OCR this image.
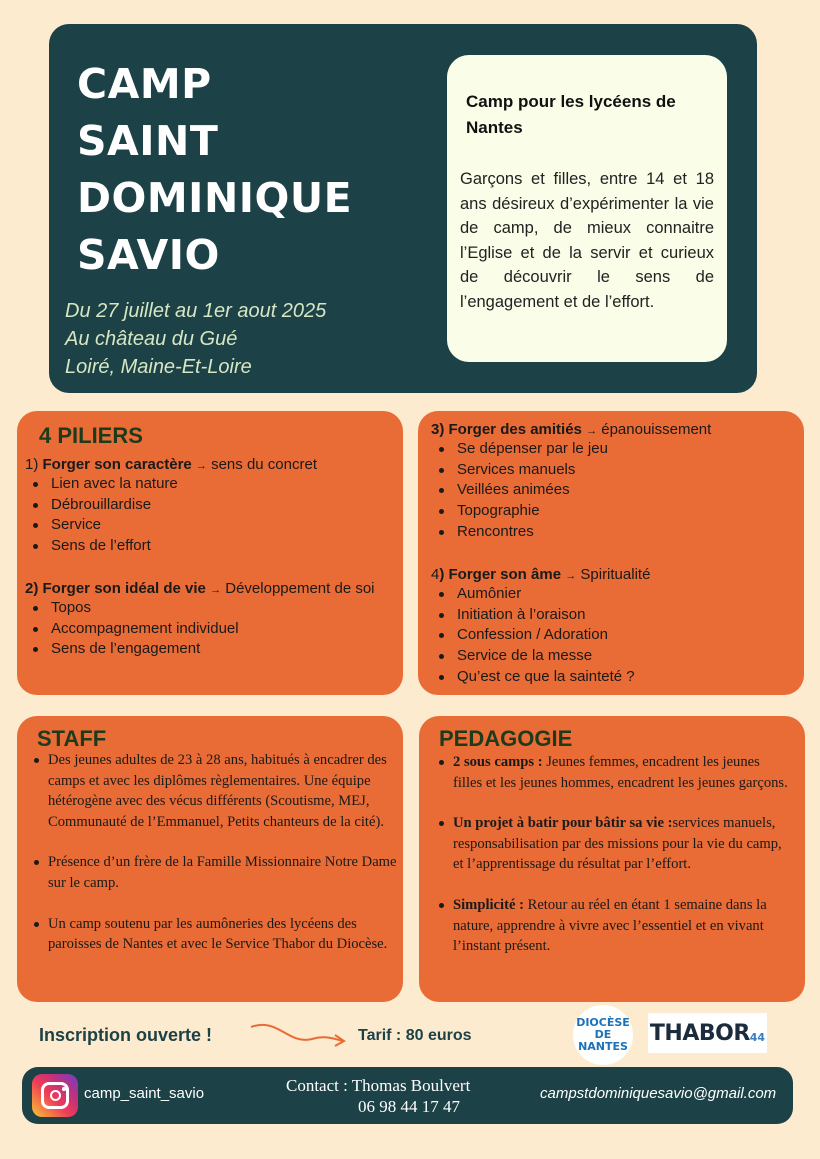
CAMP
SAINT
DOMINIQUE
SAVIO
Du 27 juillet au 1er aout 2025
Au château du Gué
Loiré, Maine-Et-Loire
Camp pour les lycéens de Nantes

Garçons et filles, entre 14 et 18 ans désireux d’expérimenter la vie de camp, de mieux connaitre l’Eglise et de la servir et curieux de découvrir le sens de l’engagement et de l’effort.

4 PILIERS
1) Forger son caractère → sens du concret
Lien avec la nature
Débrouillardise
Service
Sens de l’effort
2) Forger son idéal de vie → Développement de soi
Topos
Accompagnement individuel
Sens de l’engagement
3) Forger des amitiés → épanouissement
Se dépenser par le jeu
Services manuels
Veillées animées
Topographie
Rencontres
4) Forger son âme → Spiritualité
Aumônier
Initiation à l’oraison
Confession / Adoration
Service de la messe
Qu’est ce que la sainteté ?
STAFF
Des jeunes adultes de 23 à 28 ans, habitués à encadrer des camps et avec les diplômes règlementaires. Une équipe hétérogène avec des vécus différents (Scoutisme, MEJ, Communauté de l’Emmanuel, Petits chanteurs de la cité).
Présence d’un frère de la Famille Missionnaire Notre Dame sur le camp.
Un camp soutenu par les aumôneries des lycéens des paroisses de Nantes et avec le Service Thabor du Diocèse.
PEDAGOGIE
2 sous camps : Jeunes femmes, encadrent les jeunes filles et les jeunes hommes, encadrent les jeunes garçons.
Un projet à batir pour bâtir sa vie :services manuels, responsabilisation par des missions pour la vie du camp, et l’apprentissage du résultat par l’effort.
Simplicité : Retour au réel en étant 1 semaine dans la nature, apprendre à vivre avec l’essentiel et en vivant l’instant présent.
Inscription ouverte !	Tarif : 80 euros
DIOCÈSE
DE
NANTES
THABOR 44
camp_saint_savio	Contact : Thomas Boulvert
06 98 44 17 47
campstdominiquesavio@gmail.com
